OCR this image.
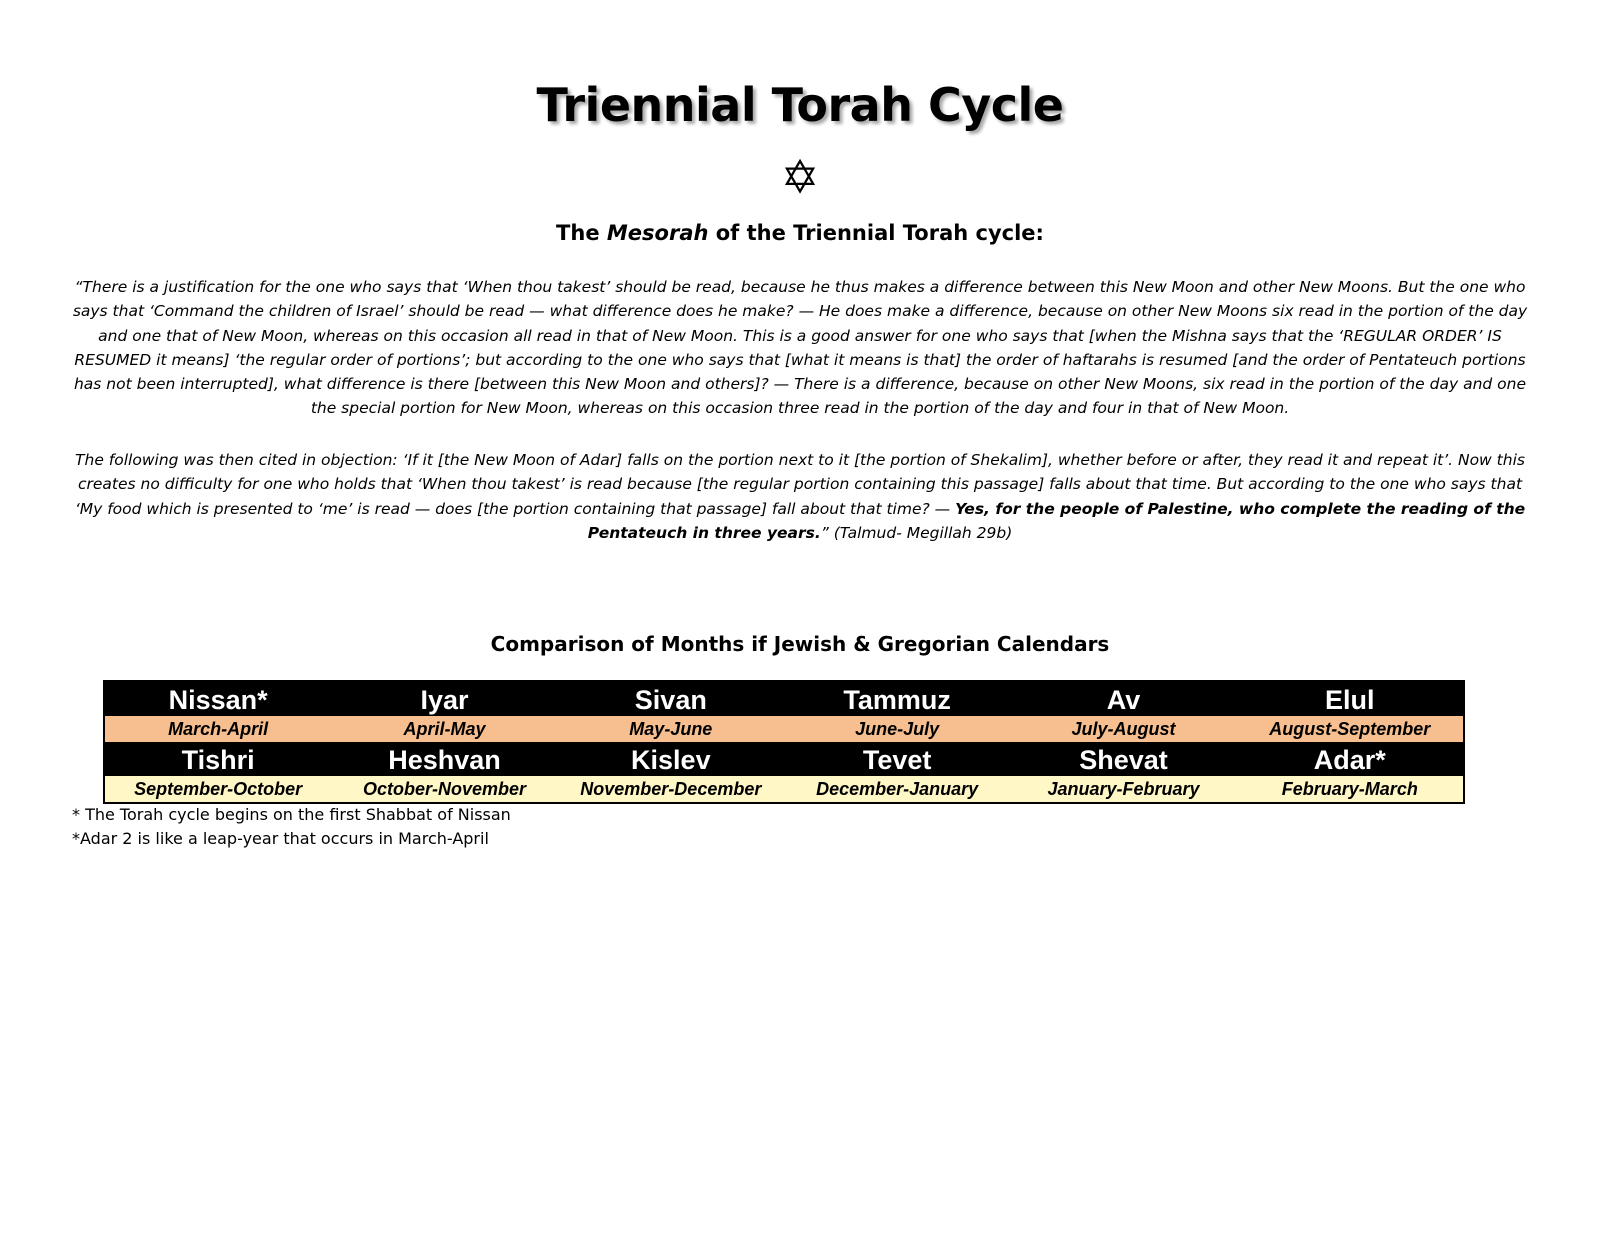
Triennial Torah Cycle
✡
The Mesorah of the Triennial Torah cycle:
“There is a justification for the one who says that ‘When thou takest’ should be read, because he thus makes a difference between this New Moon and other New Moons. But the one who says that ‘Command the children of Israel’ should be read — what difference does he make? — He does make a difference, because on other New Moons six read in the portion of the day and one that of New Moon, whereas on this occasion all read in that of New Moon. This is a good answer for one who says that [when the Mishna says that the ‘REGULAR ORDER’ IS RESUMED it means] ‘the regular order of portions’; but according to the one who says that [what it means is that] the order of haftarahs is resumed [and the order of Pentateuch portions has not been interrupted], what difference is there [between this New Moon and others]? — There is a difference, because on other New Moons, six read in the portion of the day and one the special portion for New Moon, whereas on this occasion three read in the portion of the day and four in that of New Moon.
The following was then cited in objection: ‘If it [the New Moon of Adar] falls on the portion next to it [the portion of Shekalim], whether before or after, they read it and repeat it’. Now this creates no difficulty for one who holds that ‘When thou takest’ is read because [the regular portion containing this passage] falls about that time. But according to the one who says that ‘My food which is presented to ‘me’ is read — does [the portion containing that passage] fall about that time? — Yes, for the people of Palestine, who complete the reading of the Pentateuch in three years.” (Talmud- Megillah 29b)
Comparison of Months if Jewish & Gregorian Calendars
Nissan*	Iyar	Sivan	Tammuz	Av	Elul
March-April	April-May	May-June	June-July	July-August	August-September
Tishri	Heshvan	Kislev	Tevet	Shevat	Adar*
September-October	October-November	November-December	December-January	January-February	February-March
* The Torah cycle begins on the first Shabbat of Nissan
*Adar 2 is like a leap-year that occurs in March-April
